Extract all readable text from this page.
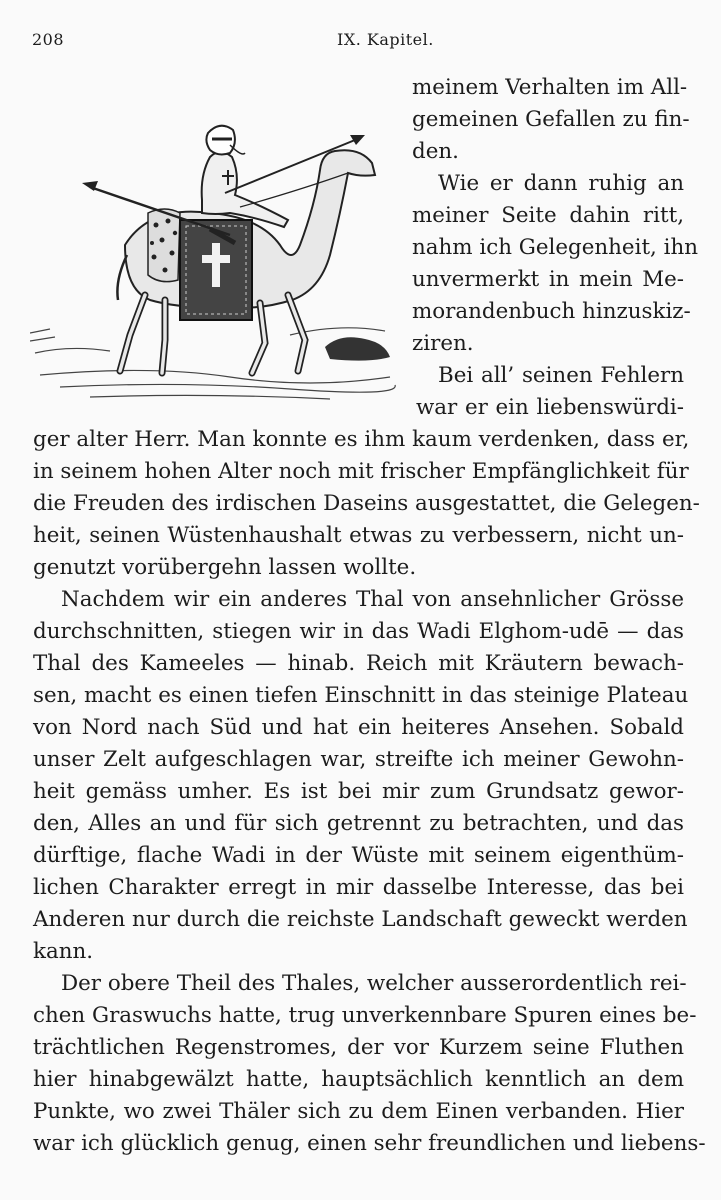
208	IX. Kapitel.
meinem Verhalten im All-
gemeinen Gefallen zu fin-
den.
Wie er dann ruhig an
meiner Seite dahin ritt,
nahm ich Gelegenheit, ihn
unvermerkt in mein Me-
morandenbuch hinzuskiz-
ziren.
Bei all’ seinen Fehlern
war er ein liebenswürdi-
ger alter Herr. Man konnte es ihm kaum verdenken, dass er,
in seinem hohen Alter noch mit frischer Empfänglichkeit für
die Freuden des irdischen Daseins ausgestattet, die Gelegen-
heit, seinen Wüstenhaushalt etwas zu verbessern, nicht un-
genutzt vorübergehn lassen wollte.
Nachdem wir ein anderes Thal von ansehnlicher Grösse
durchschnitten, stiegen wir in das Wadi Elghom-udē — das
Thal des Kameeles — hinab. Reich mit Kräutern bewach-
sen, macht es einen tiefen Einschnitt in das steinige Plateau
von Nord nach Süd und hat ein heiteres Ansehen. Sobald
unser Zelt aufgeschlagen war, streifte ich meiner Gewohn-
heit gemäss umher. Es ist bei mir zum Grundsatz gewor-
den, Alles an und für sich getrennt zu betrachten, und das
dürftige, flache Wadi in der Wüste mit seinem eigenthüm-
lichen Charakter erregt in mir dasselbe Interesse, das bei
Anderen nur durch die reichste Landschaft geweckt werden
kann.
Der obere Theil des Thales, welcher ausserordentlich rei-
chen Graswuchs hatte, trug unverkennbare Spuren eines be-
trächtlichen Regenstromes, der vor Kurzem seine Fluthen
hier hinabgewälzt hatte, hauptsächlich kenntlich an dem
Punkte, wo zwei Thäler sich zu dem Einen verbanden. Hier
war ich glücklich genug, einen sehr freundlichen und liebens-
